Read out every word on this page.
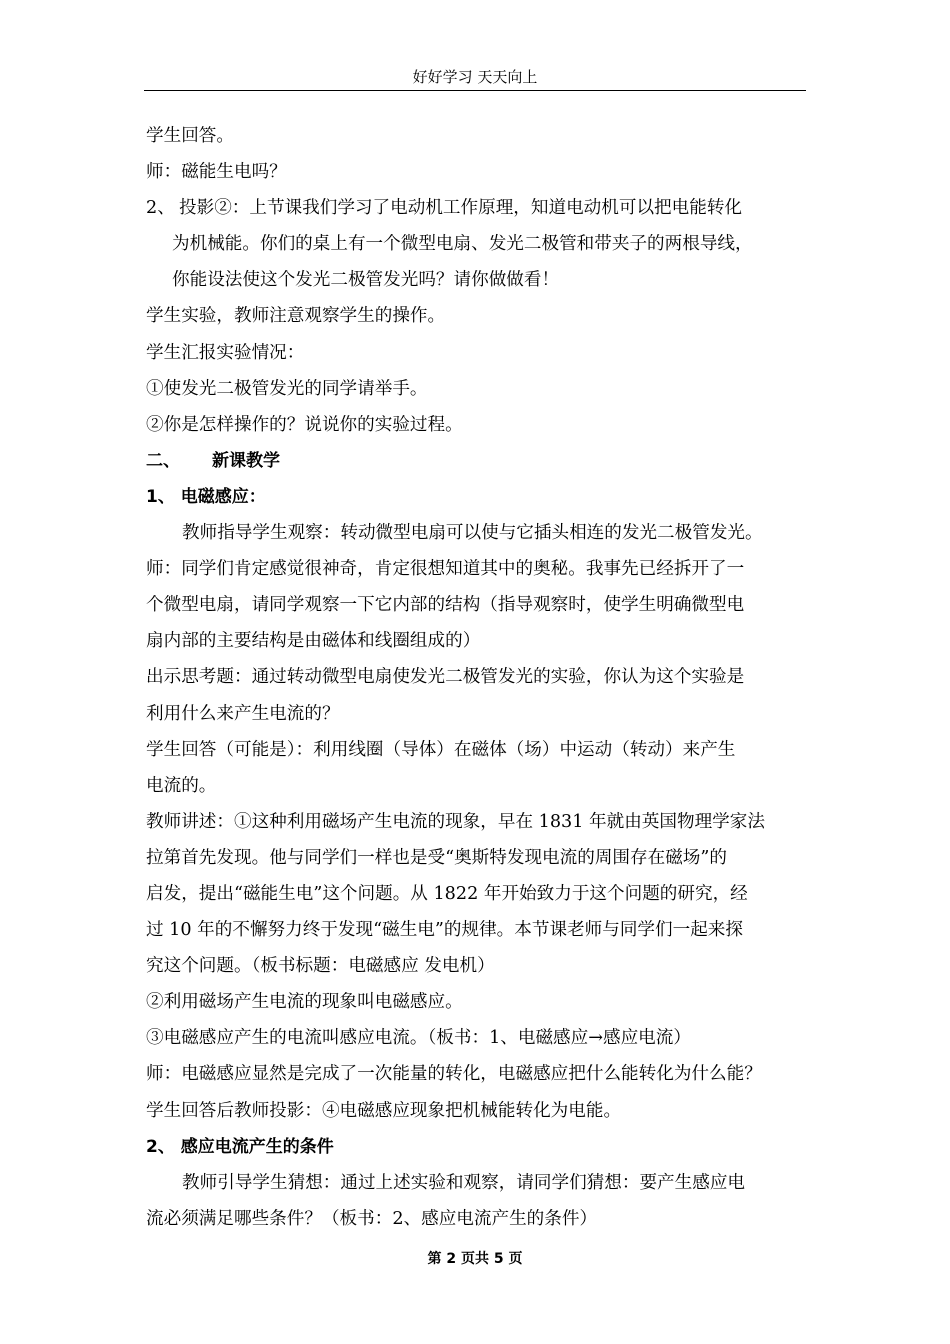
好好学习 天天向上
学生回答。
师：磁能生电吗？
2、 投影②：上节课我们学习了电动机工作原理，知道电动机可以把电能转化
为机械能。你们的桌上有一个微型电扇、发光二极管和带夹子的两根导线，
你能设法使这个发光二极管发光吗？请你做做看！
学生实验，教师注意观察学生的操作。
学生汇报实验情况：
①使发光二极管发光的同学请举手。
②你是怎样操作的？说说你的实验过程。
二、 新课教学
1、 电磁感应：
教师指导学生观察：转动微型电扇可以使与它插头相连的发光二极管发光。
师：同学们肯定感觉很神奇，肯定很想知道其中的奥秘。我事先已经拆开了一
个微型电扇，请同学观察一下它内部的结构（指导观察时，使学生明确微型电
扇内部的主要结构是由磁体和线圈组成的）
出示思考题：通过转动微型电扇使发光二极管发光的实验，你认为这个实验是
利用什么来产生电流的？
学生回答（可能是）：利用线圈（导体）在磁体（场）中运动（转动）来产生
电流的。
教师讲述：①这种利用磁场产生电流的现象，早在 1831 年就由英国物理学家法
拉第首先发现。他与同学们一样也是受“奥斯特发现电流的周围存在磁场”的
启发，提出“磁能生电”这个问题。从 1822 年开始致力于这个问题的研究，经
过 10 年的不懈努力终于发现“磁生电”的规律。本节课老师与同学们一起来探
究这个问题。（板书标题：电磁感应 发电机）
②利用磁场产生电流的现象叫电磁感应。
③电磁感应产生的电流叫感应电流。（板书：1、电磁感应→感应电流）
师：电磁感应显然是完成了一次能量的转化，电磁感应把什么能转化为什么能？
学生回答后教师投影：④电磁感应现象把机械能转化为电能。
2、 感应电流产生的条件
教师引导学生猜想：通过上述实验和观察，请同学们猜想：要产生感应电
流必须满足哪些条件？（板书：2、感应电流产生的条件）
第 2 页共 5 页
